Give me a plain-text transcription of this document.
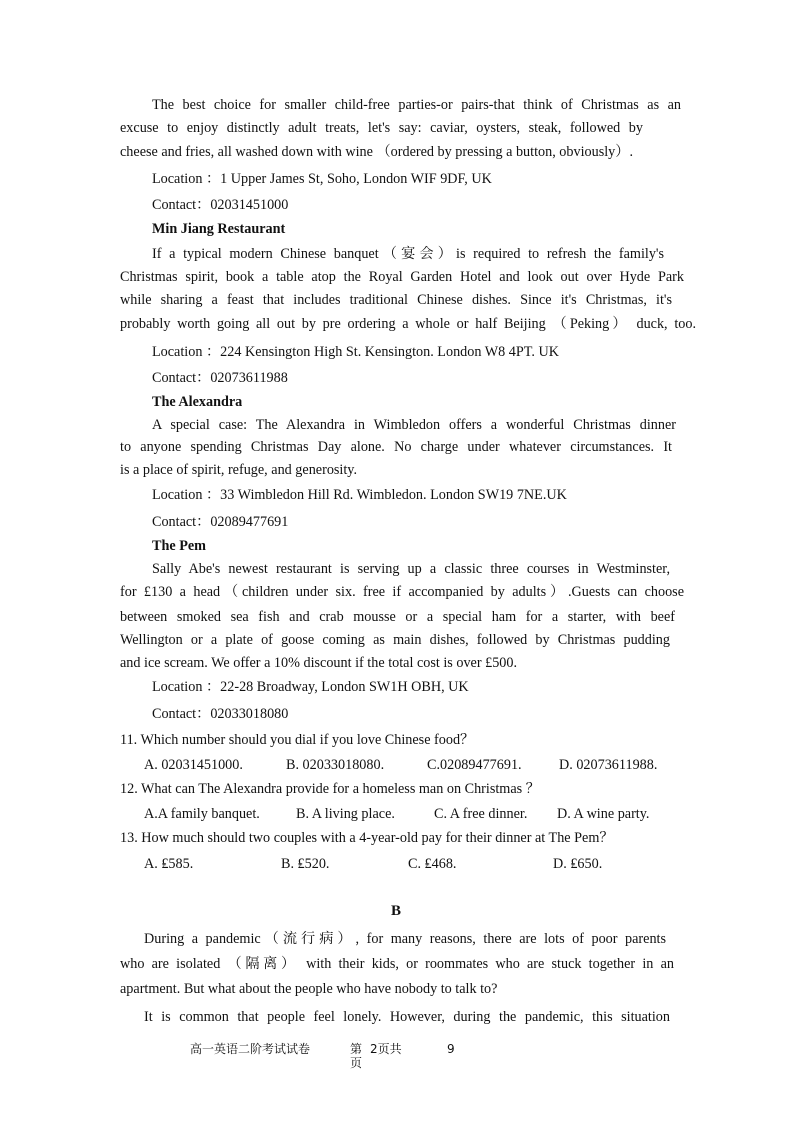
The best choice for smaller child-free parties-or pairs-that think of Christmas as an
excuse to enjoy distinctly adult treats, let's say: caviar, oysters, steak, followed by
cheese and fries, all washed down with wine （ordered by pressing a button, obviously）.
Location ：1 Upper James St, Soho, London WIF 9DF, UK
Contact：02031451000
Min Jiang Restaurant
If a typical modern Chinese banquet（宴会）is required to refresh the family's
Christmas spirit, book a table atop the Royal Garden Hotel and look out over Hyde Park
while sharing a feast that includes traditional Chinese dishes. Since it's Christmas, it's
probably worth going all out by pre ordering a whole or half Beijing （Peking） duck, too.
Location ：224 Kensington High St. Kensington. London W8 4PT. UK
Contact：02073611988
The Alexandra
A special case: The Alexandra in Wimbledon offers a wonderful Christmas dinner
to anyone spending Christmas Day alone. No charge under whatever circumstances. It
is a place of spirit, refuge, and generosity.
Location ：33 Wimbledon Hill Rd. Wimbledon. London SW19 7NE.UK
Contact：02089477691
The Pem
Sally Abe's newest restaurant is serving up a classic three courses in Westminster,
for £130 a head（children under six. free if accompanied by adults）.Guests can choose
between smoked sea fish and crab mousse or a special ham for a starter, with beef
Wellington or a plate of goose coming as main dishes, followed by Christmas pudding
and ice scream. We offer a 10% discount if the total cost is over £500.
Location ：22-28 Broadway, London SW1H OBH, UK
Contact：02033018080
11. Which number should you dial if you love Chinese food？
A. 02031451000.	B. 02033018080.	C.02089477691.	D. 02073611988.
12. What can The Alexandra provide for a homeless man on Christmas ？
A.A family banquet.	B. A living place.	C. A free dinner. D. A wine party.
13. How much should two couples with a 4-year-old pay for their dinner at The Pem？
A. ₤585.	B. ₤520.	C. ₤468.	D. ₤650.
B
During a pandemic（流行病）, for many reasons, there are lots of poor parents
who are isolated （隔离） with their kids, or roommates who are stuck together in an
apartment. But what about the people who have nobody to talk to?
It is common that people feel lonely. However, during the pandemic, this situation
高一英语二阶考试试卷	第 2页共	9
页
